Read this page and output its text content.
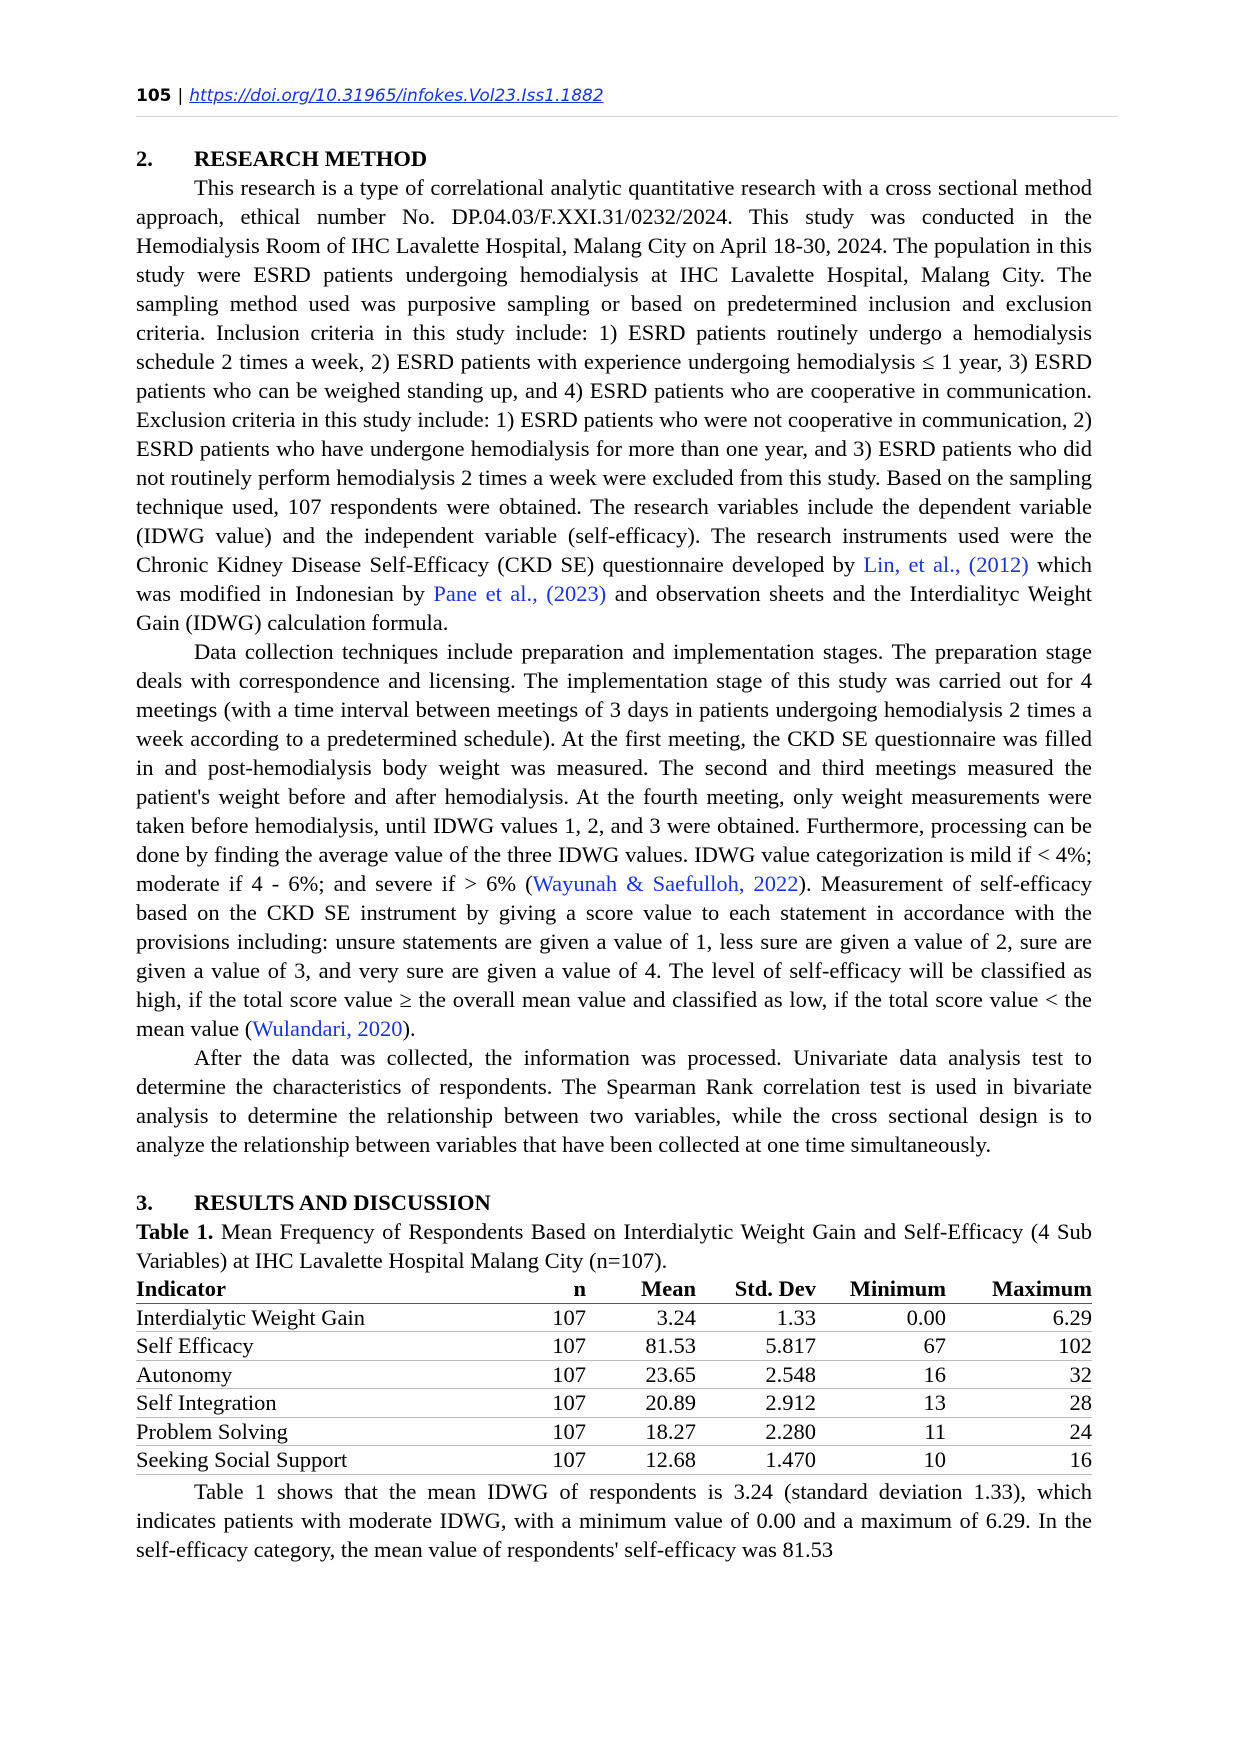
105 | https://doi.org/10.31965/infokes.Vol23.Iss1.1882
2. RESEARCH METHOD

This research is a type of correlational analytic quantitative research with a cross sectional method approach, ethical number No. DP.04.03/F.XXI.31/0232/2024. This study was conducted in the Hemodialysis Room of IHC Lavalette Hospital, Malang City on April 18-30, 2024. The population in this study were ESRD patients undergoing hemodialysis at IHC Lavalette Hospital, Malang City. The sampling method used was purposive sampling or based on predetermined inclusion and exclusion criteria. Inclusion criteria in this study include: 1) ESRD patients routinely undergo a hemodialysis schedule 2 times a week, 2) ESRD patients with experience undergoing hemodialysis ≤ 1 year, 3) ESRD patients who can be weighed standing up, and 4) ESRD patients who are cooperative in communication. Exclusion criteria in this study include: 1) ESRD patients who were not cooperative in communication, 2) ESRD patients who have undergone hemodialysis for more than one year, and 3) ESRD patients who did not routinely perform hemodialysis 2 times a week were excluded from this study. Based on the sampling technique used, 107 respondents were obtained. The research variables include the dependent variable (IDWG value) and the independent variable (self-efficacy). The research instruments used were the Chronic Kidney Disease Self-Efficacy (CKD SE) questionnaire developed by Lin, et al., (2012) which was modified in Indonesian by Pane et al., (2023) and observation sheets and the Interdialityc Weight Gain (IDWG) calculation formula.

Data collection techniques include preparation and implementation stages. The preparation stage deals with correspondence and licensing. The implementation stage of this study was carried out for 4 meetings (with a time interval between meetings of 3 days in patients undergoing hemodialysis 2 times a week according to a predetermined schedule). At the first meeting, the CKD SE questionnaire was filled in and post-hemodialysis body weight was measured. The second and third meetings measured the patient's weight before and after hemodialysis. At the fourth meeting, only weight measurements were taken before hemodialysis, until IDWG values 1, 2, and 3 were obtained. Furthermore, processing can be done by finding the average value of the three IDWG values. IDWG value categorization is mild if < 4%; moderate if 4 - 6%; and severe if > 6% (Wayunah & Saefulloh, 2022). Measurement of self-efficacy based on the CKD SE instrument by giving a score value to each statement in accordance with the provisions including: unsure statements are given a value of 1, less sure are given a value of 2, sure are given a value of 3, and very sure are given a value of 4. The level of self-efficacy will be classified as high, if the total score value ≥ the overall mean value and classified as low, if the total score value < the mean value (Wulandari, 2020).

After the data was collected, the information was processed. Univariate data analysis test to determine the characteristics of respondents. The Spearman Rank correlation test is used in bivariate analysis to determine the relationship between two variables, while the cross sectional design is to analyze the relationship between variables that have been collected at one time simultaneously.

3. RESULTS AND DISCUSSION

Table 1. Mean Frequency of Respondents Based on Interdialytic Weight Gain and Self-Efficacy (4 Sub Variables) at IHC Lavalette Hospital Malang City (n=107).

Indicator	n	Mean	Std. Dev	Minimum	Maximum
Interdialytic Weight Gain	107	3.24	1.33	0.00	6.29
Self Efficacy	107	81.53	5.817	67	102
Autonomy	107	23.65	2.548	16	32
Self Integration	107	20.89	2.912	13	28
Problem Solving	107	18.27	2.280	11	24
Seeking Social Support	107	12.68	1.470	10	16

Table 1 shows that the mean IDWG of respondents is 3.24 (standard deviation 1.33), which indicates patients with moderate IDWG, with a minimum value of 0.00 and a maximum of 6.29. In the self-efficacy category, the mean value of respondents' self-efficacy was 81.53
